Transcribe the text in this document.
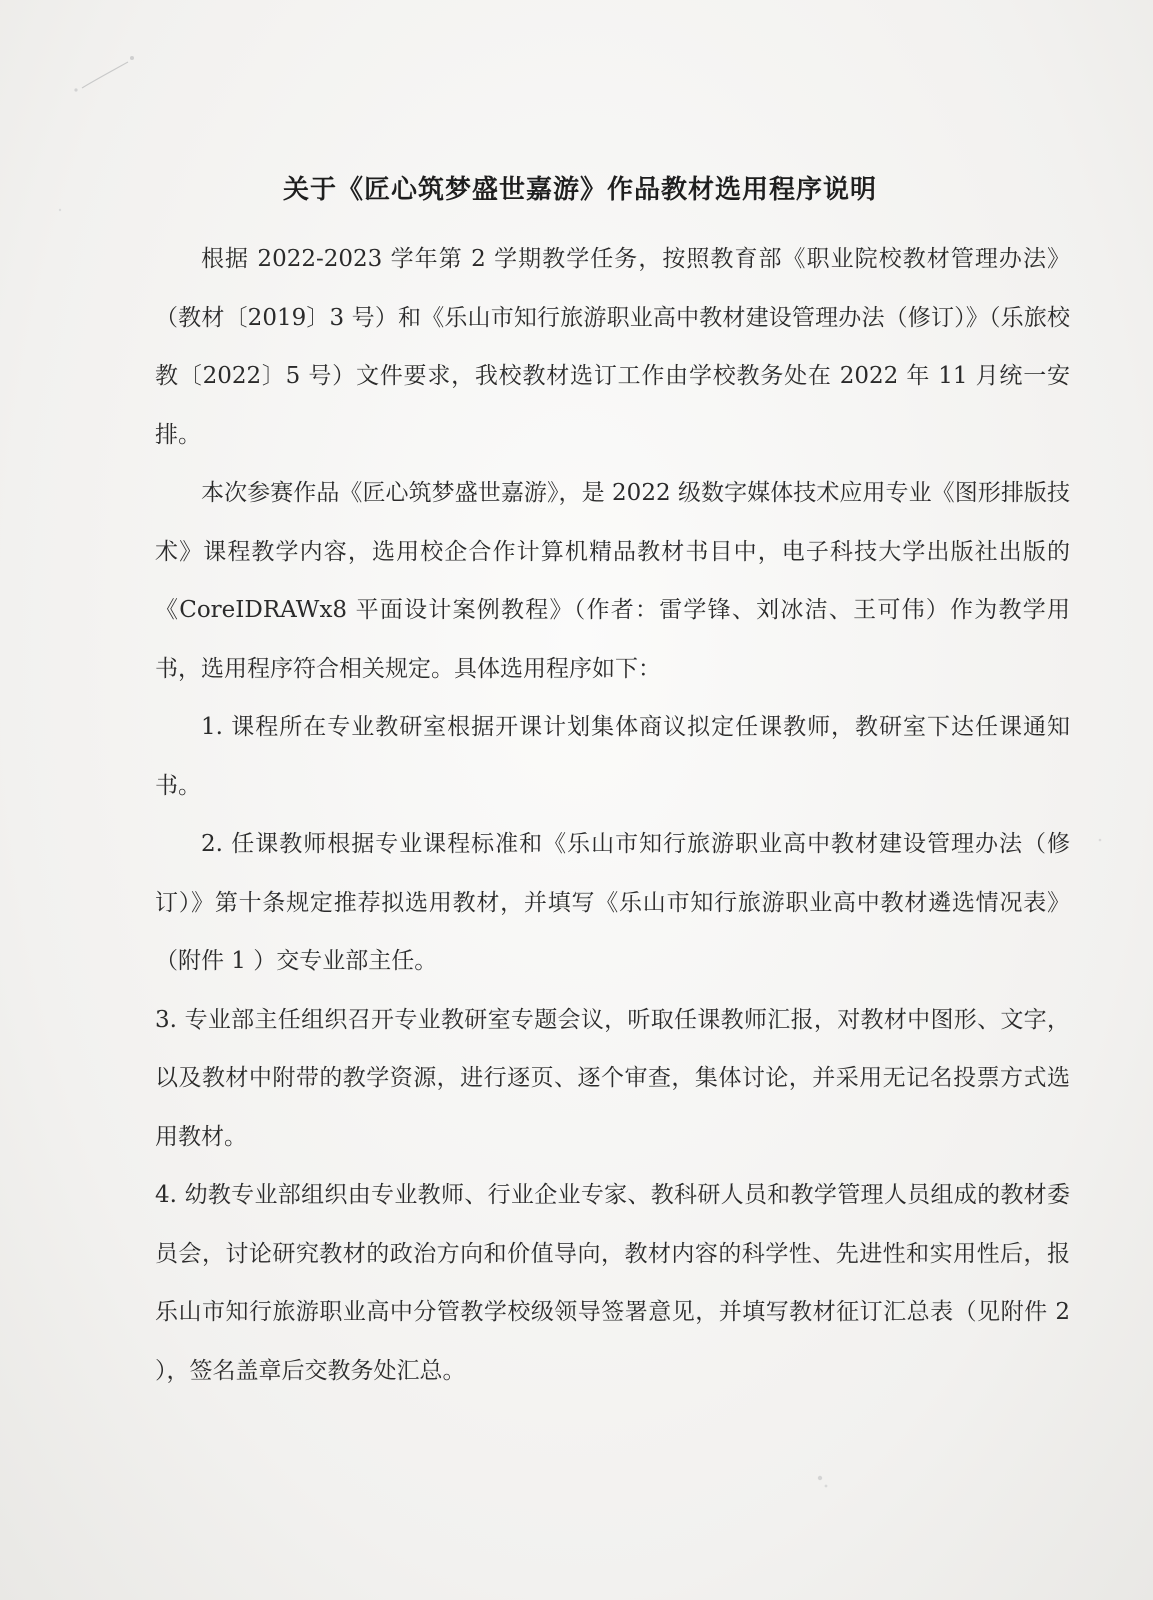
关于《匠心筑梦盛世嘉游》作品教材选用程序说明

根据 2022-2023 学年第 2 学期教学任务，按照教育部《职业院校教材管理办法》（教材〔2019〕3 号）和《乐山市知行旅游职业高中教材建设管理办法（修订）》（乐旅校教〔2022〕5 号）文件要求，我校教材选订工作由学校教务处在 2022 年 11 月统一安排。

本次参赛作品《匠心筑梦盛世嘉游》，是 2022 级数字媒体技术应用专业《图形排版技术》课程教学内容，选用校企合作计算机精品教材书目中，电子科技大学出版社出版的《CoreIDRAWx8 平面设计案例教程》（作者：雷学锋、刘冰洁、王可伟）作为教学用书，选用程序符合相关规定。具体选用程序如下：

1. 课程所在专业教研室根据开课计划集体商议拟定任课教师，教研室下达任课通知书。

2. 任课教师根据专业课程标准和《乐山市知行旅游职业高中教材建设管理办法（修订）》第十条规定推荐拟选用教材，并填写《乐山市知行旅游职业高中教材遴选情况表》（附件 1 ）交专业部主任。

3. 专业部主任组织召开专业教研室专题会议，听取任课教师汇报，对教材中图形、文字，以及教材中附带的教学资源，进行逐页、逐个审查，集体讨论，并采用无记名投票方式选用教材。

4. 幼教专业部组织由专业教师、行业企业专家、教科研人员和教学管理人员组成的教材委员会，讨论研究教材的政治方向和价值导向，教材内容的科学性、先进性和实用性后，报乐山市知行旅游职业高中分管教学校级领导签署意见，并填写教材征订汇总表（见附件 2 ），签名盖章后交教务处汇总。
